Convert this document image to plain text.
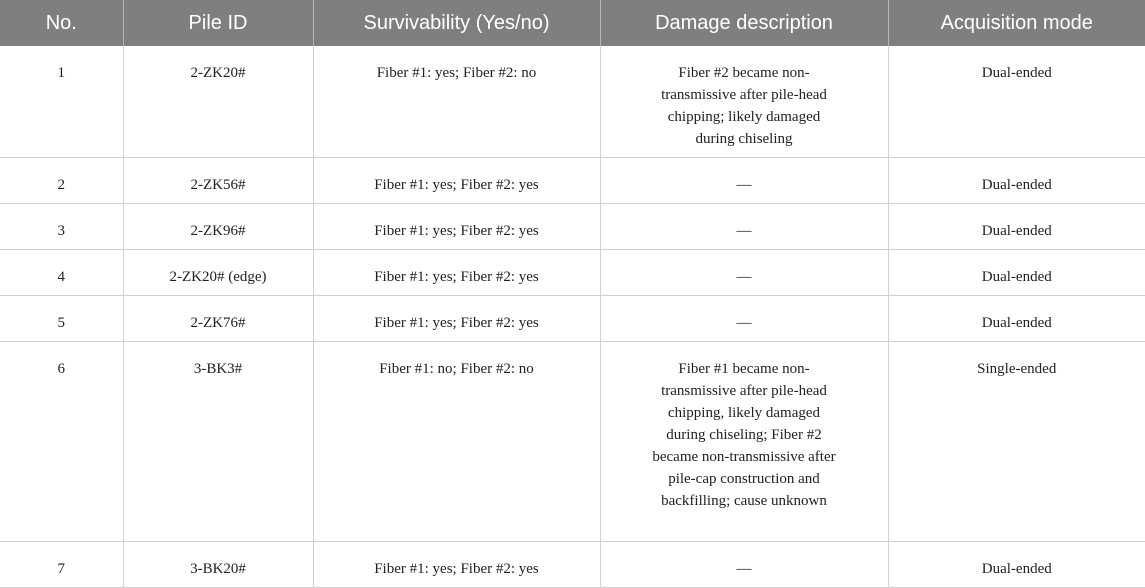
No.	Pile ID	Survivability (Yes/no)	Damage description	Acquisition mode
1	2-ZK20#	Fiber #1: yes; Fiber #2: no	Fiber #2 became non-transmissive after pile-head chipping; likely damaged during chiseling	Dual-ended
2	2-ZK56#	Fiber #1: yes; Fiber #2: yes	—	Dual-ended
3	2-ZK96#	Fiber #1: yes; Fiber #2: yes	—	Dual-ended
4	2-ZK20# (edge)	Fiber #1: yes; Fiber #2: yes	—	Dual-ended
5	2-ZK76#	Fiber #1: yes; Fiber #2: yes	—	Dual-ended
6	3-BK3#	Fiber #1: no; Fiber #2: no	Fiber #1 became non-transmissive after pile-head chipping, likely damaged during chiseling; Fiber #2 became non-transmissive after pile-cap construction and backfilling; cause unknown	Single-ended
7	3-BK20#	Fiber #1: yes; Fiber #2: yes	—	Dual-ended
